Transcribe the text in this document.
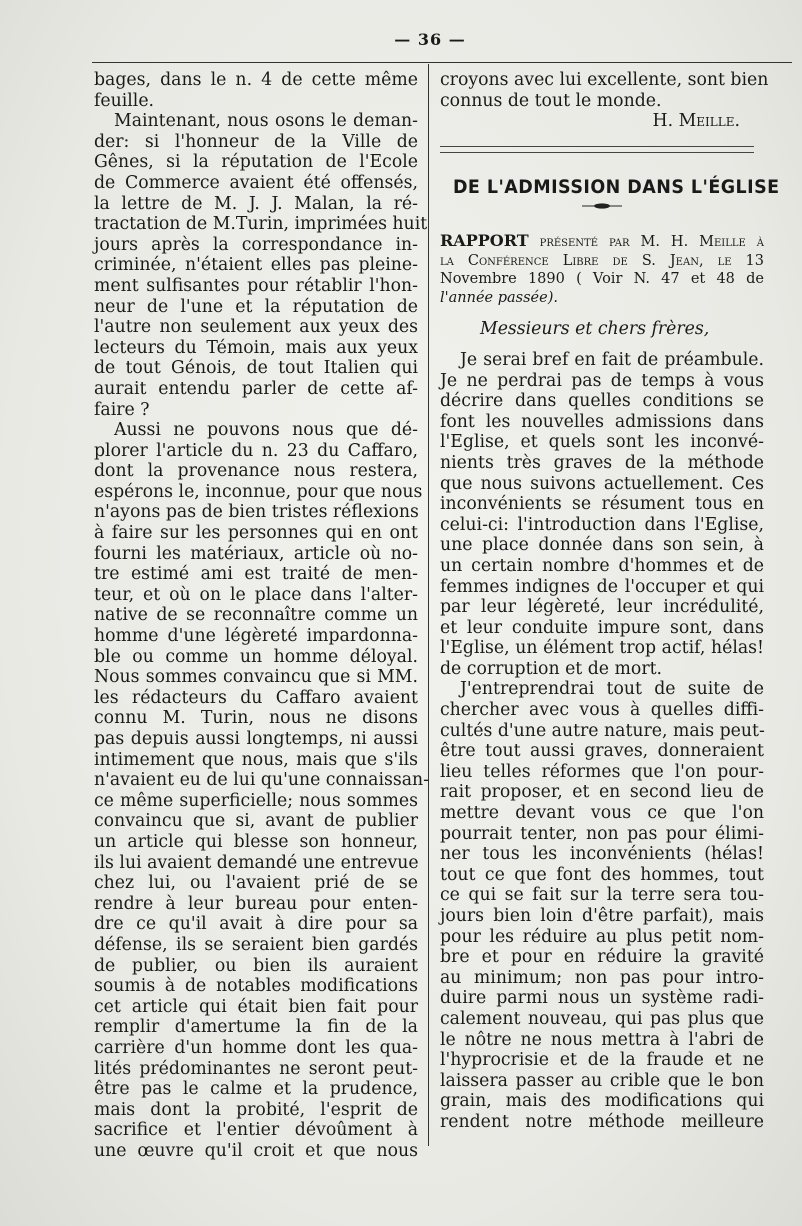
— 36 —
bages, dans le n. 4 de cette même
feuille.
Maintenant, nous osons le deman-
der: si l'honneur de la Ville de
Gênes, si la réputation de l'Ecole
de Commerce avaient été offensés,
la lettre de M. J. J. Malan, la ré-
tractation de M.Turin, imprimées huit
jours après la correspondance in-
criminée, n'étaient elles pas pleine-
ment sulfisantes pour rétablir l'hon-
neur de l'une et la réputation de
l'autre non seulement aux yeux des
lecteurs du Témoin, mais aux yeux
de tout Génois, de tout Italien qui
aurait entendu parler de cette af-
faire ?
Aussi ne pouvons nous que dé-
plorer l'article du n. 23 du Caffaro,
dont la provenance nous restera,
espérons le, inconnue, pour que nous
n'ayons pas de bien tristes réflexions
à faire sur les personnes qui en ont
fourni les matériaux, article où no-
tre estimé ami est traité de men-
teur, et où on le place dans l'alter-
native de se reconnaître comme un
homme d'une légèreté impardonna-
ble ou comme un homme déloyal.
Nous sommes convaincu que si MM.
les rédacteurs du Caffaro avaient
connu M. Turin, nous ne disons
pas depuis aussi longtemps, ni aussi
intimement que nous, mais que s'ils
n'avaient eu de lui qu'une connaissan-
ce même superficielle; nous sommes
convaincu que si, avant de publier
un article qui blesse son honneur,
ils lui avaient demandé une entrevue
chez lui, ou l'avaient prié de se
rendre à leur bureau pour enten-
dre ce qu'il avait à dire pour sa
défense, ils se seraient bien gardés
de publier, ou bien ils auraient
soumis à de notables modifications
cet article qui était bien fait pour
remplir d'amertume la fin de la
carrière d'un homme dont les qua-
lités prédominantes ne seront peut-
être pas le calme et la prudence,
mais dont la probité, l'esprit de
sacrifice et l'entier dévoûment à
une œuvre qu'il croit et que nous
croyons avec lui excellente, sont bien
connus de tout le monde.
H. Meille.
DE L'ADMISSION DANS L'ÉGLISE
RAPPORT présenté par M. H. Meille à
la Conférence Libre de S. Jean, le 13
Novembre 1890 ( Voir N. 47 et 48 de
l'année passée).
Messieurs et chers frères,
Je serai bref en fait de préambule.
Je ne perdrai pas de temps à vous
décrire dans quelles conditions se
font les nouvelles admissions dans
l'Eglise, et quels sont les inconvé-
nients très graves de la méthode
que nous suivons actuellement. Ces
inconvénients se résument tous en
celui-ci: l'introduction dans l'Eglise,
une place donnée dans son sein, à
un certain nombre d'hommes et de
femmes indignes de l'occuper et qui
par leur légèreté, leur incrédulité,
et leur conduite impure sont, dans
l'Eglise, un élément trop actif, hélas!
de corruption et de mort.
J'entreprendrai tout de suite de
chercher avec vous à quelles diffi-
cultés d'une autre nature, mais peut-
être tout aussi graves, donneraient
lieu telles réformes que l'on pour-
rait proposer, et en second lieu de
mettre devant vous ce que l'on
pourrait tenter, non pas pour élimi-
ner tous les inconvénients (hélas!
tout ce que font des hommes, tout
ce qui se fait sur la terre sera tou-
jours bien loin d'être parfait), mais
pour les réduire au plus petit nom-
bre et pour en réduire la gravité
au minimum; non pas pour intro-
duire parmi nous un système radi-
calement nouveau, qui pas plus que
le nôtre ne nous mettra à l'abri de
l'hyprocrisie et de la fraude et ne
laissera passer au crible que le bon
grain, mais des modifications qui
rendent notre méthode meilleure
